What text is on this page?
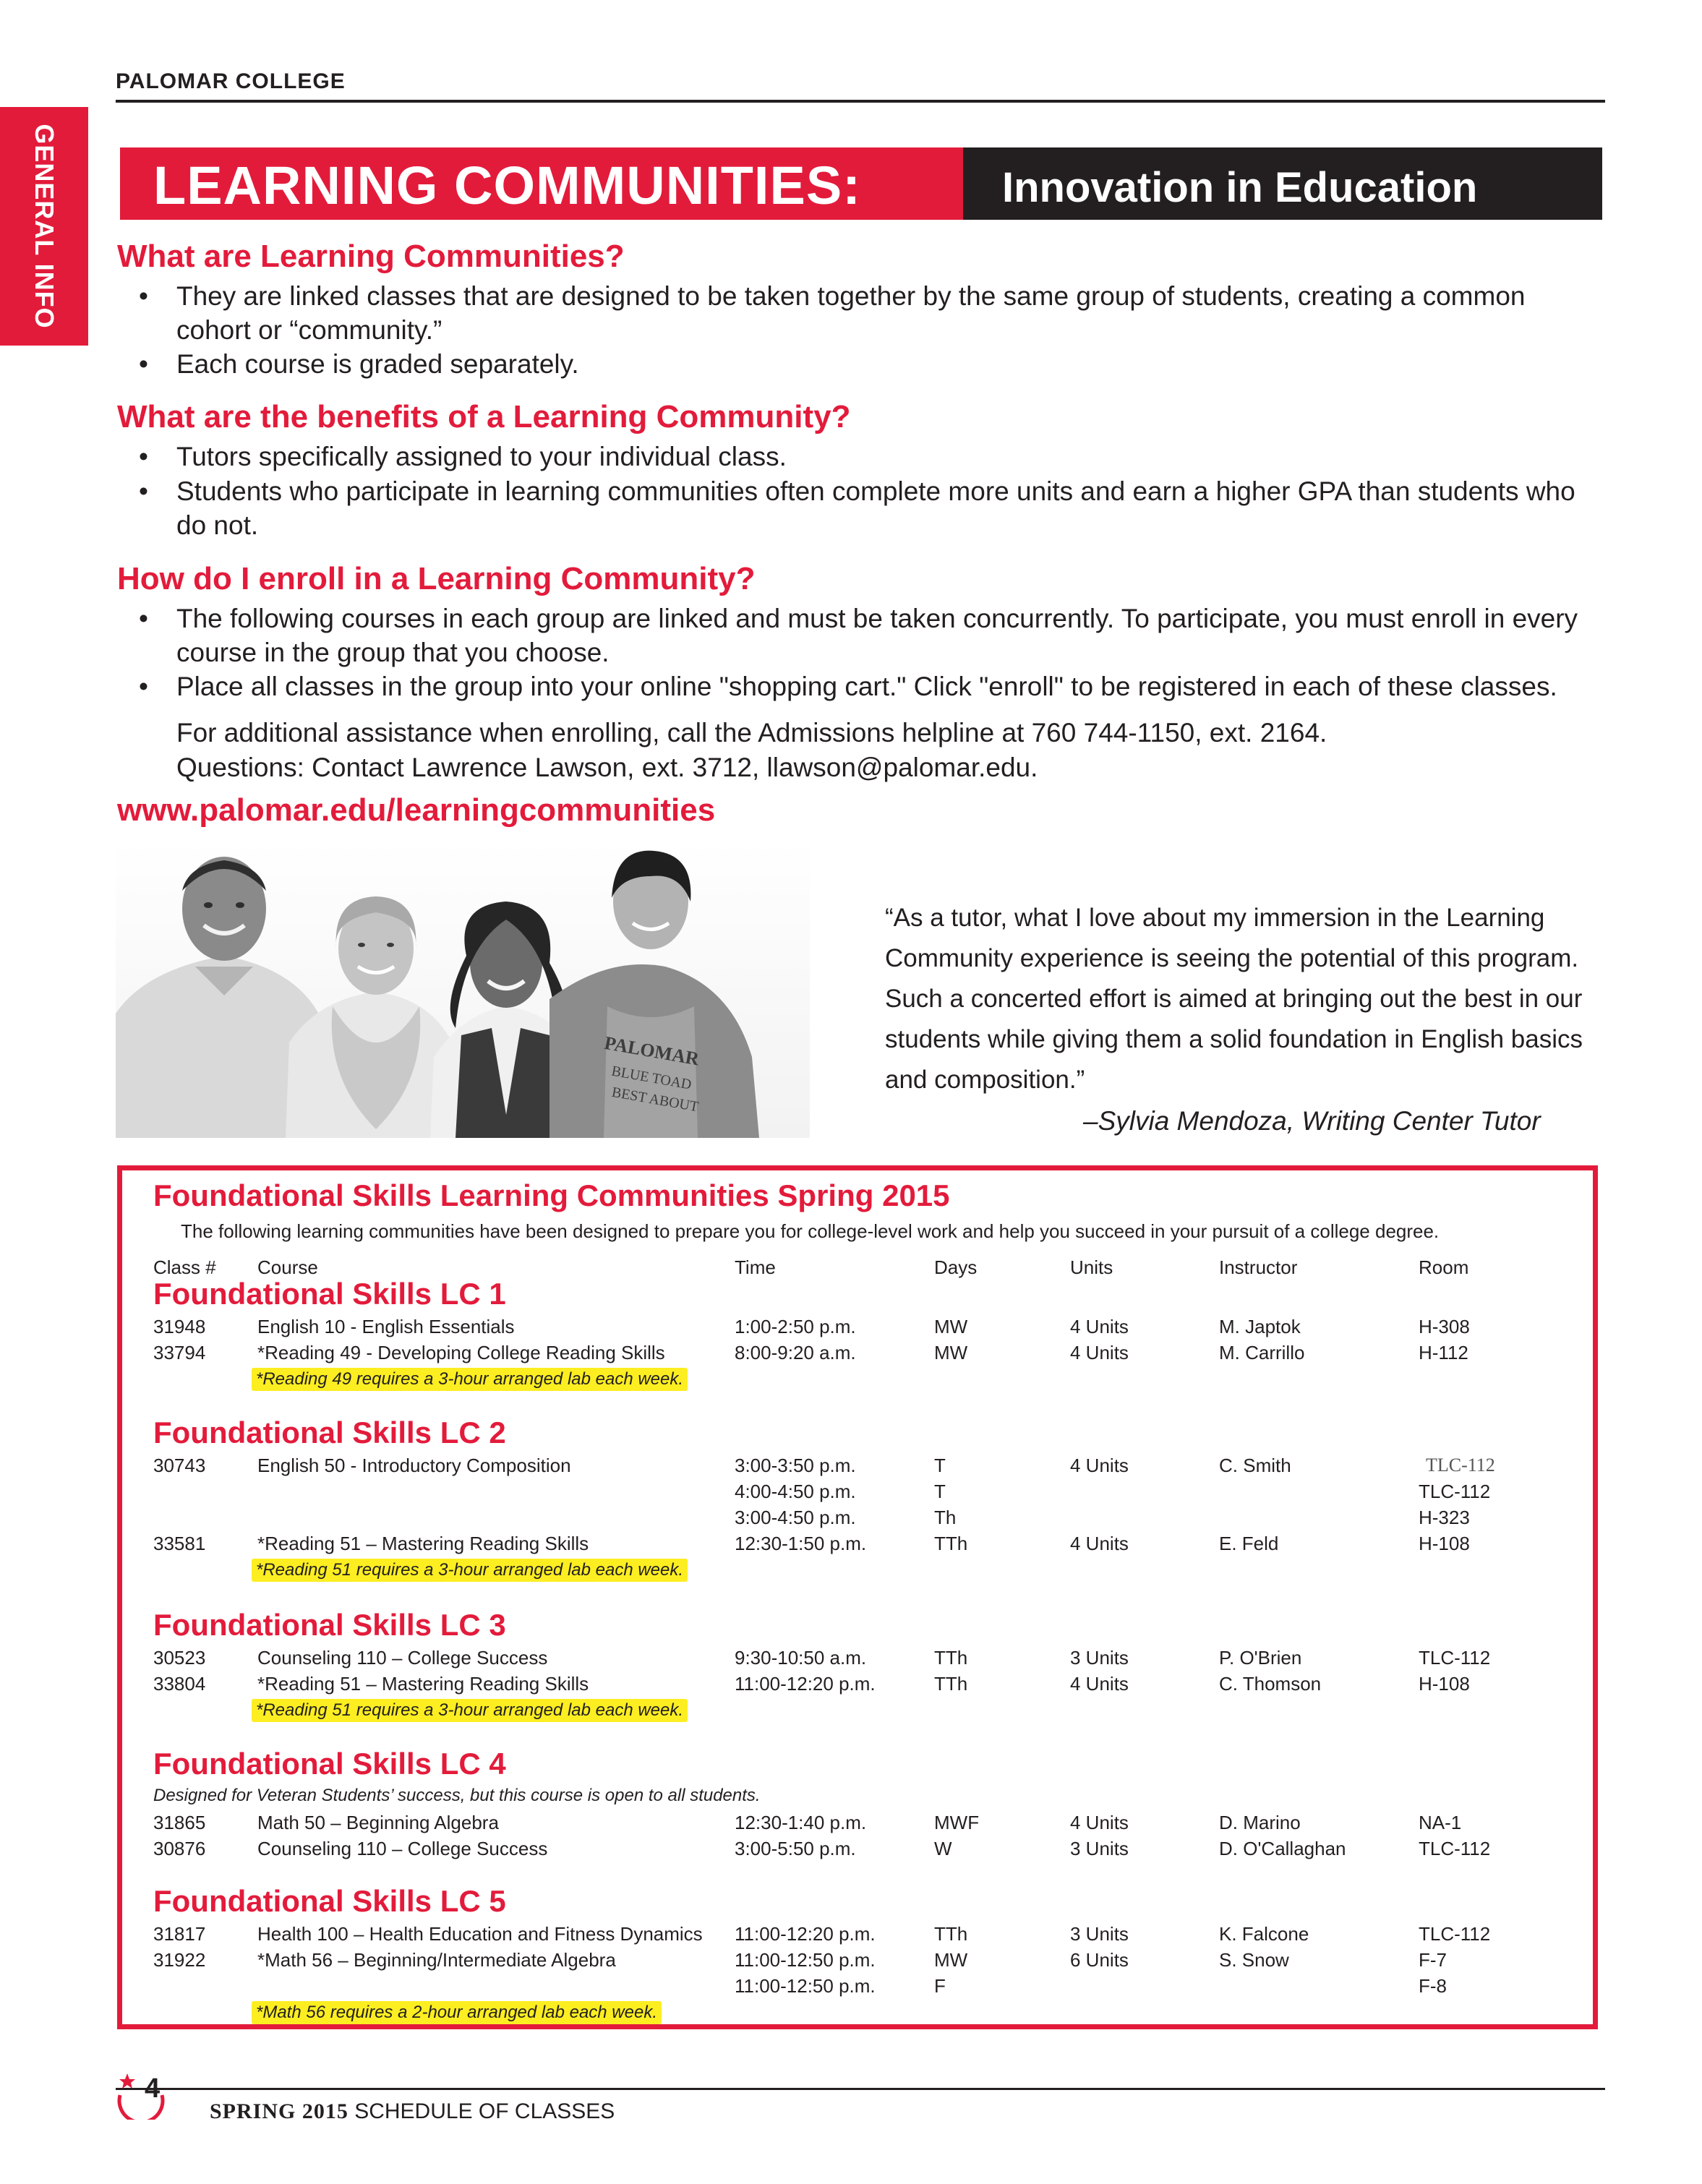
PALOMAR COLLEGE
GENERAL INFO LEARNING COMMUNITIES:	Innovation in Education
What are Learning Communities?
• They are linked classes that are designed to be taken together by the same group of students, creating a common
cohort or “community.”
• Each course is graded separately.
What are the benefits of a Learning Community?
• Tutors specifically assigned to your individual class.
• Students who participate in learning communities often complete more units and earn a higher GPA than students who
do not.
How do I enroll in a Learning Community?
• The following courses in each group are linked and must be taken concurrently. To participate, you must enroll in every
course in the group that you choose.
• Place all classes in the group into your online "shopping cart." Click "enroll" to be registered in each of these classes.
For additional assistance when enrolling, call the Admissions helpline at 760 744-1150, ext. 2164.
Questions: Contact Lawrence Lawson, ext. 3712, llawson@palomar.edu.
www.palomar.edu/learningcommunities
PALOMAR
BLUE TOAD
BEST ABOUT

“As a tutor, what I love about my immersion in the Learning

Community experience is seeing the potential of this program.

Such a concerted effort is aimed at bringing out the best in our

students while giving them a solid foundation in English basics

and composition.”

–Sylvia Mendoza, Writing Center Tutor
Foundational Skills Learning Communities Spring 2015
The following learning communities have been designed to prepare you for college-level work and help you succeed in your pursuit of a college degree.
Class # Course	Time	Days	Units	Instructor	Room
Foundational Skills LC 1
31948	English 10 - English Essentials	1:00-2:50 p.m.	MW	4 Units	M. Japtok	H-308
33794	*Reading 49 - Developing College Reading Skills	8:00-9:20 a.m.	MW	4 Units	M. Carrillo	H-112
*Reading 49 requires a 3-hour arranged lab each week.
Foundational Skills LC 2
30743	English 50 - Introductory Composition	3:00-3:50 p.m.	T	4 Units	C. Smith	TLC-112
4:00-4:50 p.m.	T	TLC-112
3:00-4:50 p.m.	Th	H-323
33581	*Reading 51 – Mastering Reading Skills	12:30-1:50 p.m.	TTh	4 Units	E. Feld	H-108
*Reading 51 requires a 3-hour arranged lab each week.
Foundational Skills LC 3
30523	Counseling 110 – College Success	9:30-10:50 a.m.	TTh	3 Units	P. O'Brien	TLC-112
33804	*Reading 51 – Mastering Reading Skills	11:00-12:20 p.m.	TTh	4 Units	C. Thomson	H-108
*Reading 51 requires a 3-hour arranged lab each week.
Foundational Skills LC 4
Designed for Veteran Students’ success, but this course is open to all students.
31865	Math 50 – Beginning Algebra	12:30-1:40 p.m.	MWF	4 Units	D. Marino	NA-1
30876	Counseling 110 – College Success	3:00-5:50 p.m.	W	3 Units	D. O'Callaghan	TLC-112
Foundational Skills LC 5
31817	Health 100 – Health Education and Fitness Dynamics 11:00-12:20 p.m.	TTh	3 Units	K. Falcone	TLC-112
31922	*Math 56 – Beginning/Intermediate Algebra	11:00-12:50 p.m.	MW	6 Units	S. Snow	F-7
11:00-12:50 p.m.	F	F-8
*Math 56 requires a 2-hour arranged lab each week.
4
SPRING 2015 SCHEDULE OF CLASSES
